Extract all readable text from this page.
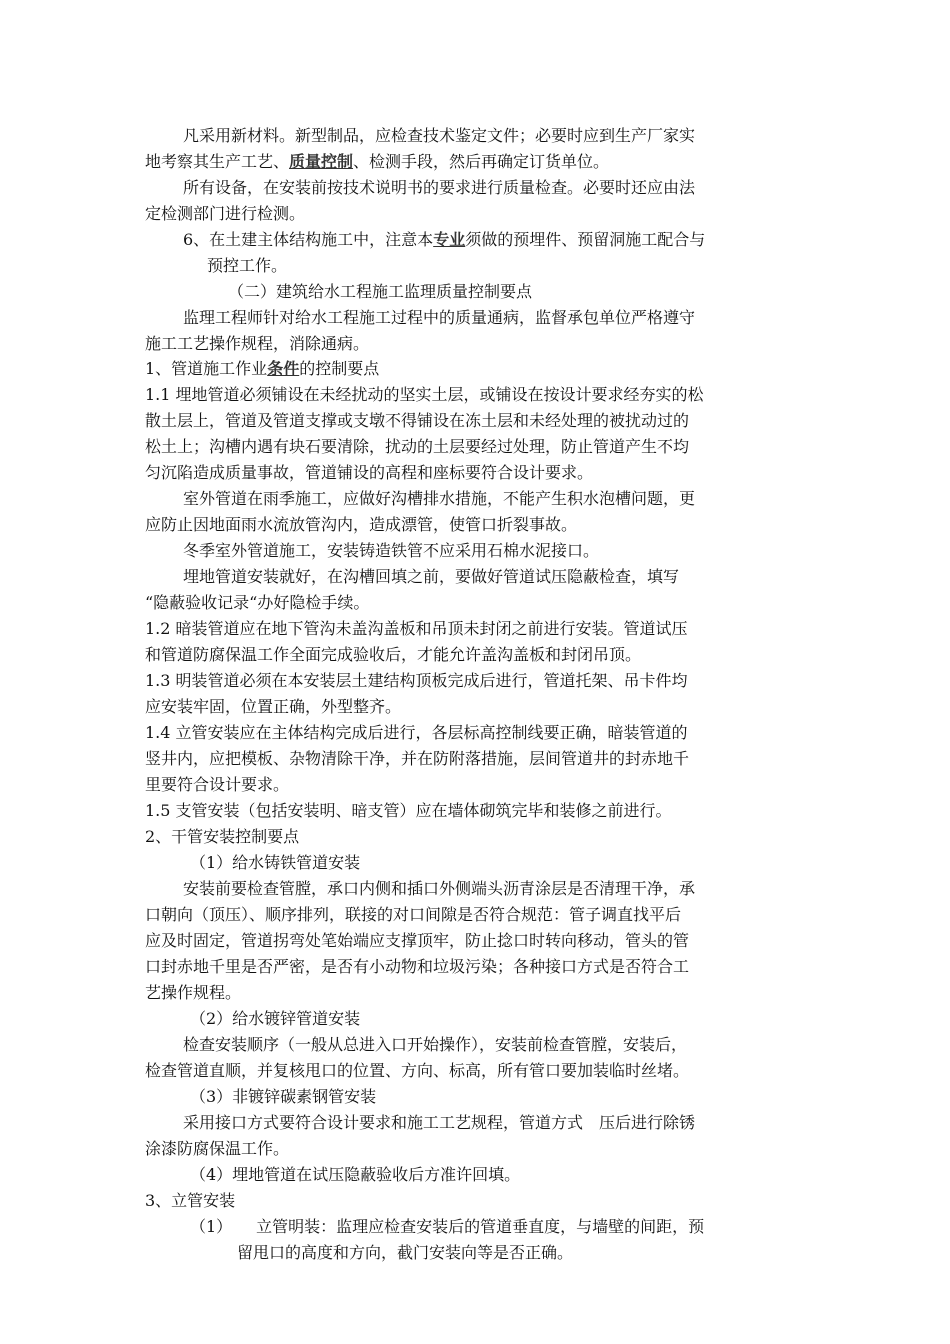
凡采用新材料。新型制品，应检查技术鉴定文件；必要时应到生产厂家实
地考察其生产工艺、质量控制、检测手段，然后再确定订货单位。
所有设备，在安装前按技术说明书的要求进行质量检查。必要时还应由法
定检测部门进行检测。
6、在土建主体结构施工中，注意本专业须做的预埋件、预留洞施工配合与
预控工作。
（二）建筑给水工程施工监理质量控制要点
监理工程师针对给水工程施工过程中的质量通病，监督承包单位严格遵守
施工工艺操作规程，消除通病。
1、管道施工作业条件的控制要点
1.1 埋地管道必须铺设在未经扰动的坚实土层，或铺设在按设计要求经夯实的松
散土层上，管道及管道支撑或支墩不得铺设在冻土层和未经处理的被扰动过的
松土上；沟槽内遇有块石要清除，扰动的土层要经过处理，防止管道产生不均
匀沉陷造成质量事故，管道铺设的高程和座标要符合设计要求。
室外管道在雨季施工，应做好沟槽排水措施，不能产生积水泡槽问题，更
应防止因地面雨水流放管沟内，造成漂管，使管口折裂事故。
冬季室外管道施工，安装铸造铁管不应采用石棉水泥接口。
埋地管道安装就好，在沟槽回填之前，要做好管道试压隐蔽检查，填写
“隐蔽验收记录“办好隐检手续。
1.2 暗装管道应在地下管沟未盖沟盖板和吊顶未封闭之前进行安装。管道试压
和管道防腐保温工作全面完成验收后，才能允许盖沟盖板和封闭吊顶。
1.3 明装管道必须在本安装层土建结构顶板完成后进行，管道托架、吊卡件均
应安装牢固，位置正确，外型整齐。
1.4 立管安装应在主体结构完成后进行，各层标高控制线要正确，暗装管道的
竖井内，应把模板、杂物清除干净，并在防附落措施，层间管道井的封赤地千
里要符合设计要求。
1.5 支管安装（包括安装明、暗支管）应在墙体砌筑完毕和装修之前进行。
2、干管安装控制要点
（1）给水铸铁管道安装
安装前要检查管膛，承口内侧和插口外侧端头沥青涂层是否清理干净，承
口朝向（顶压）、顺序排列，联接的对口间隙是否符合规范：管子调直找平后
应及时固定，管道拐弯处笔始端应支撑顶牢，防止捻口时转向移动，管头的管
口封赤地千里是否严密，是否有小动物和垃圾污染；各种接口方式是否符合工
艺操作规程。
（2）给水镀锌管道安装
检查安装顺序（一般从总进入口开始操作），安装前检查管膛，安装后，
检查管道直顺，并复核甩口的位置、方向、标高，所有管口要加装临时丝堵。
（3）非镀锌碳素钢管安装
采用接口方式要符合设计要求和施工工艺规程，管道方式　压后进行除锈
涂漆防腐保温工作。
（4）埋地管道在试压隐蔽验收后方准许回填。
3、立管安装
（1）　　立管明装：监理应检查安装后的管道垂直度，与墙壁的间距，预
留甩口的高度和方向，截门安装向等是否正确。
